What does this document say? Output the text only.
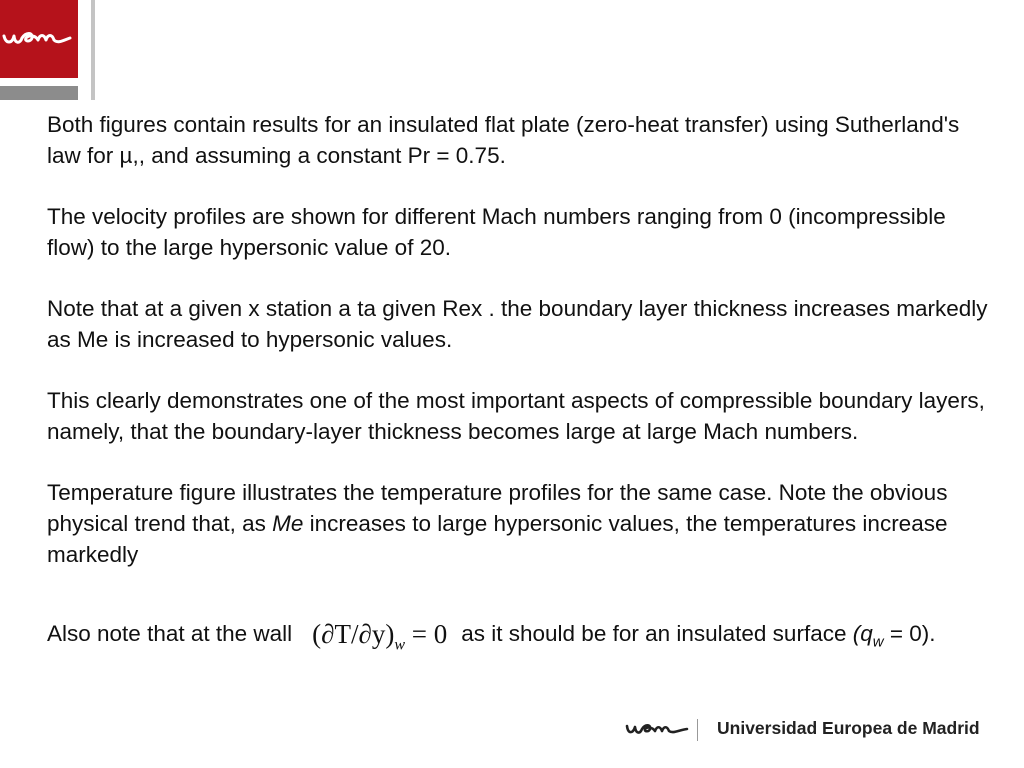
Both figures contain results for an insulated flat plate (zero-heat transfer) using Sutherland's law for µ,, and assuming a constant Pr = 0.75.

The velocity profiles are shown for different Mach numbers ranging from 0 (incompressible flow) to the large hypersonic value of 20.

Note that at a given x station a ta given Rex . the boundary layer thickness increases markedly as Me is increased to hypersonic values.

This clearly demonstrates one of the most important aspects of compressible boundary layers, namely, that the boundary-layer thickness becomes large at large Mach numbers.

Temperature figure illustrates the temperature profiles for the same case. Note the obvious physical trend that, as Me increases to large hypersonic values, the temperatures increase markedly

Also note that at the wall $(\partial T/\partial y)_w = 0$ as it should be for an insulated surface $(q_w = 0)$.

Universidad Europea de Madrid
